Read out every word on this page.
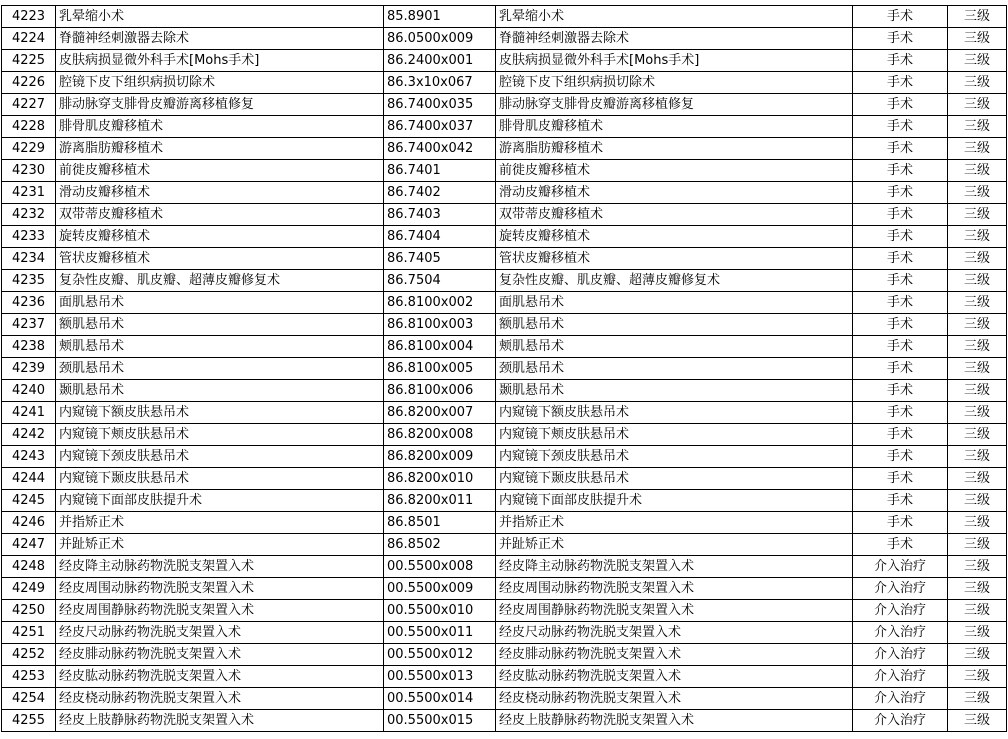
4223	乳晕缩小术	85.8901	乳晕缩小术	手术	三级
4224	脊髓神经刺激器去除术	86.0500x009	脊髓神经刺激器去除术	手术	三级
4225	皮肤病损显微外科手术[Mohs手术]	86.2400x001	皮肤病损显微外科手术[Mohs手术]	手术	三级
4226	腔镜下皮下组织病损切除术	86.3x10x067	腔镜下皮下组织病损切除术	手术	三级
4227	腓动脉穿支腓骨皮瓣游离移植修复	86.7400x035	腓动脉穿支腓骨皮瓣游离移植修复	手术	三级
4228	腓骨肌皮瓣移植术	86.7400x037	腓骨肌皮瓣移植术	手术	三级
4229	游离脂肪瓣移植术	86.7400x042	游离脂肪瓣移植术	手术	三级
4230	前徙皮瓣移植术	86.7401	前徙皮瓣移植术	手术	三级
4231	滑动皮瓣移植术	86.7402	滑动皮瓣移植术	手术	三级
4232	双带蒂皮瓣移植术	86.7403	双带蒂皮瓣移植术	手术	三级
4233	旋转皮瓣移植术	86.7404	旋转皮瓣移植术	手术	三级
4234	管状皮瓣移植术	86.7405	管状皮瓣移植术	手术	三级
4235	复杂性皮瓣、肌皮瓣、超薄皮瓣修复术	86.7504	复杂性皮瓣、肌皮瓣、超薄皮瓣修复术	手术	三级
4236	面肌悬吊术	86.8100x002	面肌悬吊术	手术	三级
4237	额肌悬吊术	86.8100x003	额肌悬吊术	手术	三级
4238	颊肌悬吊术	86.8100x004	颊肌悬吊术	手术	三级
4239	颈肌悬吊术	86.8100x005	颈肌悬吊术	手术	三级
4240	颞肌悬吊术	86.8100x006	颞肌悬吊术	手术	三级
4241	内窥镜下额皮肤悬吊术	86.8200x007	内窥镜下额皮肤悬吊术	手术	三级
4242	内窥镜下颊皮肤悬吊术	86.8200x008	内窥镜下颊皮肤悬吊术	手术	三级
4243	内窥镜下颈皮肤悬吊术	86.8200x009	内窥镜下颈皮肤悬吊术	手术	三级
4244	内窥镜下颞皮肤悬吊术	86.8200x010	内窥镜下颞皮肤悬吊术	手术	三级
4245	内窥镜下面部皮肤提升术	86.8200x011	内窥镜下面部皮肤提升术	手术	三级
4246	并指矫正术	86.8501	并指矫正术	手术	三级
4247	并趾矫正术	86.8502	并趾矫正术	手术	三级
4248	经皮降主动脉药物洗脱支架置入术	00.5500x008	经皮降主动脉药物洗脱支架置入术	介入治疗	三级
4249	经皮周围动脉药物洗脱支架置入术	00.5500x009	经皮周围动脉药物洗脱支架置入术	介入治疗	三级
4250	经皮周围静脉药物洗脱支架置入术	00.5500x010	经皮周围静脉药物洗脱支架置入术	介入治疗	三级
4251	经皮尺动脉药物洗脱支架置入术	00.5500x011	经皮尺动脉药物洗脱支架置入术	介入治疗	三级
4252	经皮腓动脉药物洗脱支架置入术	00.5500x012	经皮腓动脉药物洗脱支架置入术	介入治疗	三级
4253	经皮肱动脉药物洗脱支架置入术	00.5500x013	经皮肱动脉药物洗脱支架置入术	介入治疗	三级
4254	经皮桡动脉药物洗脱支架置入术	00.5500x014	经皮桡动脉药物洗脱支架置入术	介入治疗	三级
4255	经皮上肢静脉药物洗脱支架置入术	00.5500x015	经皮上肢静脉药物洗脱支架置入术	介入治疗	三级
